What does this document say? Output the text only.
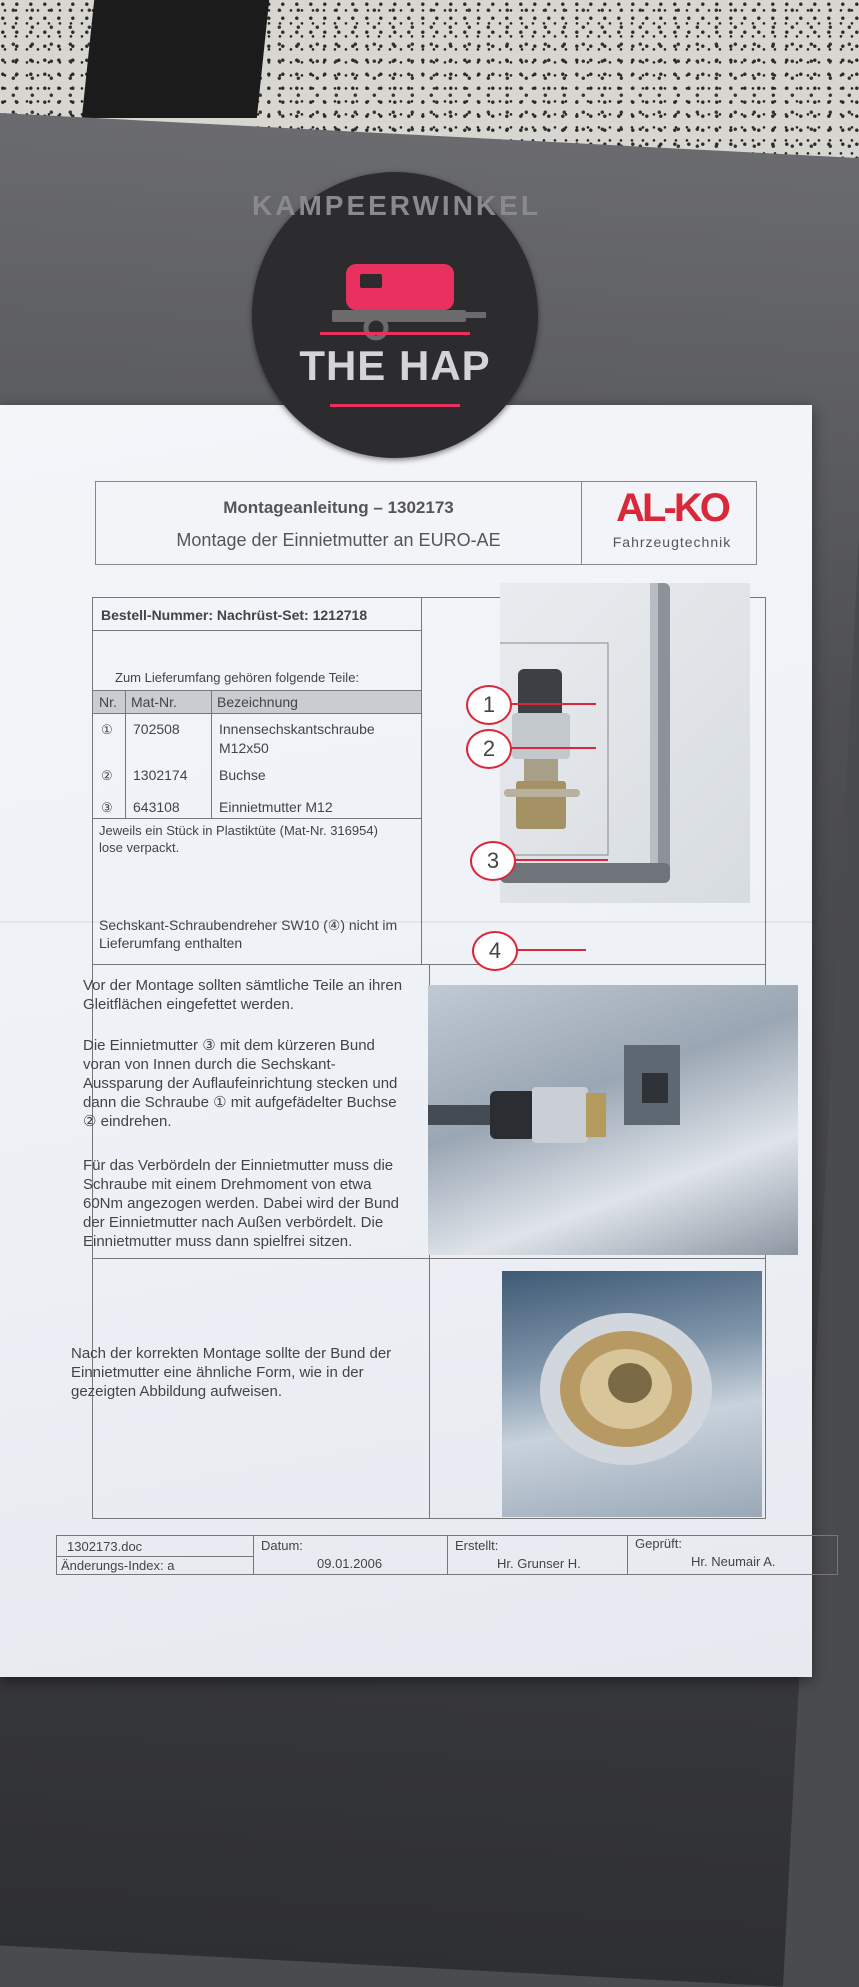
Montageanleitung – 1302173
Montage der Einnietmutter an EURO-AE
AL-KO
Fahrzeugtechnik
Bestell-Nummer: Nachrüst-Set: 1212718
Zum Lieferumfang gehören folgende Teile:
Nr. Mat-Nr.	Bezeichnung
① 702508	Innensechskantschraube M12x50
② 1302174 Buchse
③ 643108	Einnietmutter M12
Jeweils ein Stück in Plastiktüte (Mat-Nr. 316954) lose verpackt.
Sechskant-Schraubendreher SW10 (④) nicht im Lieferumfang enthalten
Vor der Montage sollten sämtliche Teile an ihren Gleitflächen eingefettet werden.
Die Einnietmutter ③ mit dem kürzeren Bund voran von Innen durch die Sechskant-Aussparung der Auflaufeinrichtung stecken und dann die Schraube ① mit aufgefädelter Buchse ② eindrehen.
Für das Verbördeln der Einnietmutter muss die Schraube mit einem Drehmoment von etwa 60Nm angezogen werden. Dabei wird der Bund der Einnietmutter nach Außen verbördelt. Die Einnietmutter muss dann spielfrei sitzen.
Nach der korrekten Montage sollte der Bund der Einnietmutter eine ähnliche Form, wie in der gezeigten Abbildung aufweisen.
1
2
3
4
1302173.doc
Änderungs-Index: a
Datum:
09.01.2006
Erstellt:
Hr. Grunser H.
Geprüft:
Hr. Neumair A.
KAMPEERWINKEL
THE HAP
